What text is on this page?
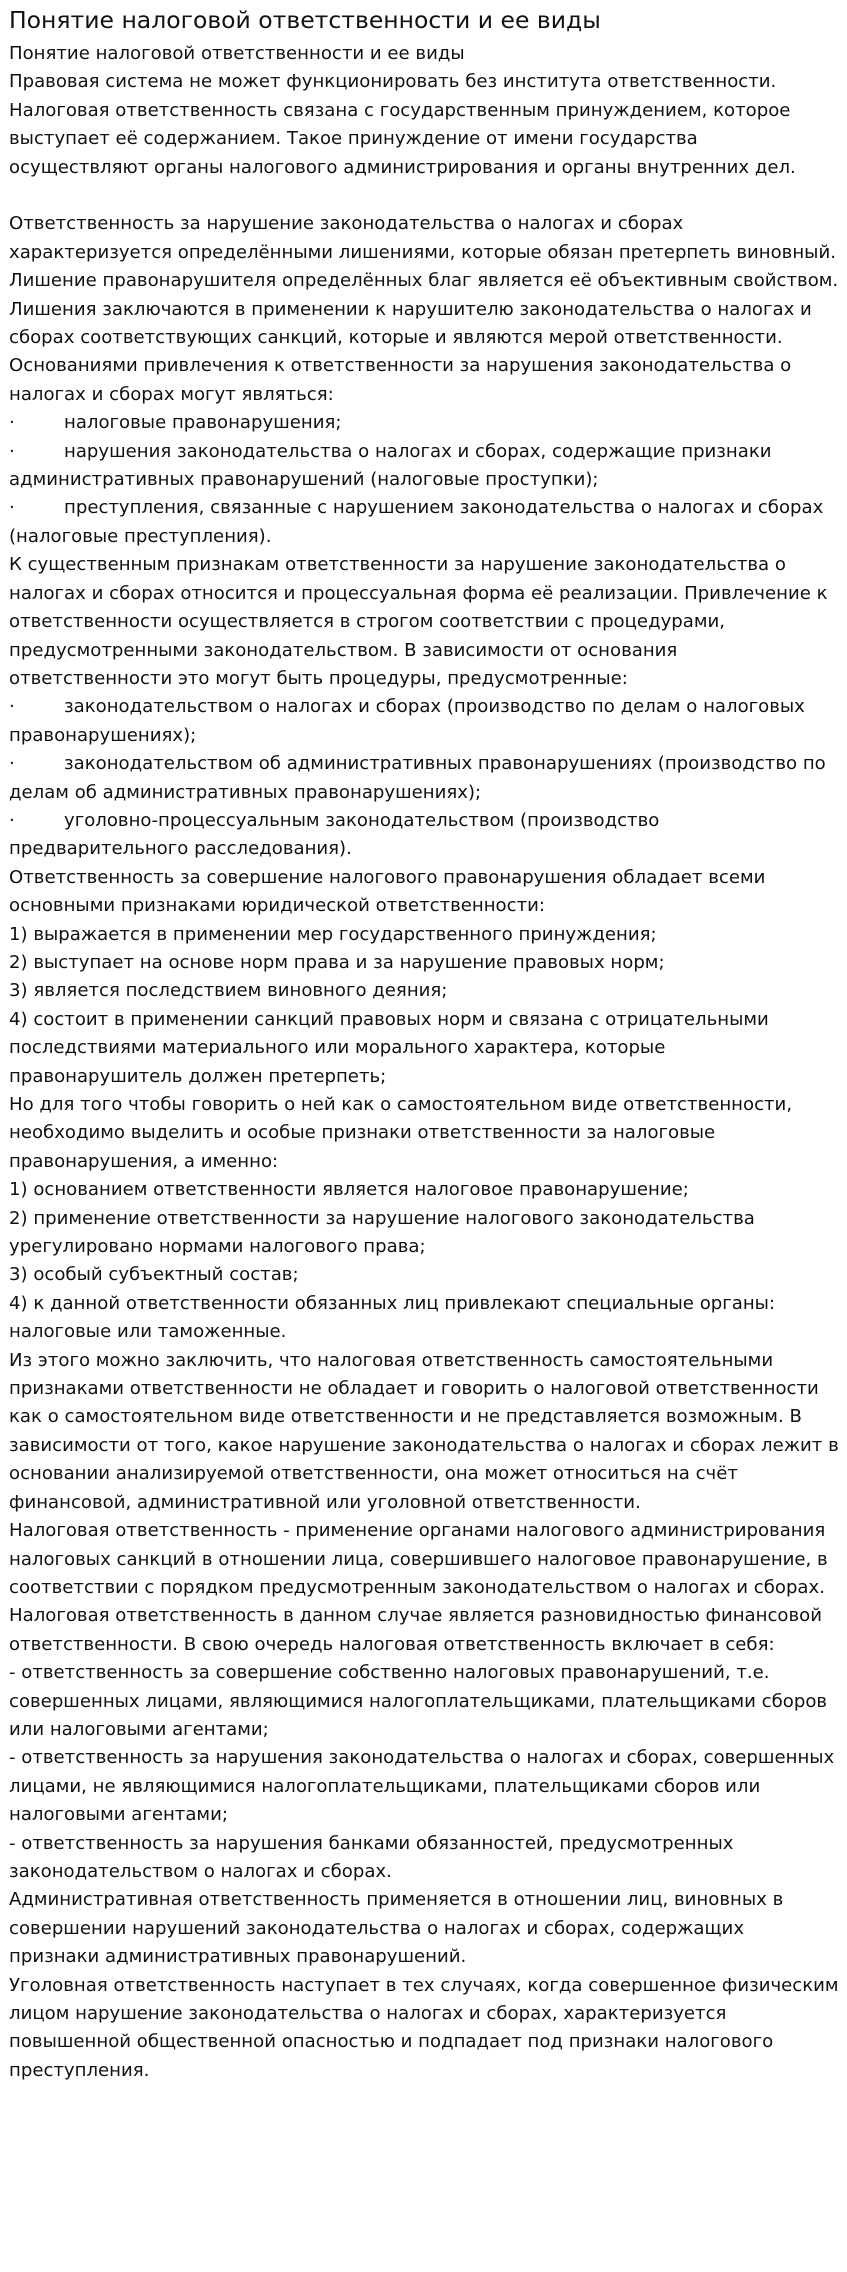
Понятие налоговой ответственности и ее виды

Понятие налоговой ответственности и ее виды

Правовая система не может функционировать без института ответственности. Налоговая ответственность связана с государственным принуждением, которое выступает её содержанием. Такое принуждение от имени государства осуществляют органы налогового администрирования и органы внутренних дел.

Ответственность за нарушение законодательства о налогах и сборах характеризуется определёнными лишениями, которые обязан претерпеть виновный. Лишение правонарушителя определённых благ является её объективным свойством. Лишения заключаются в применении к нарушителю законодательства о налогах и сборах соответствующих санкций, которые и являются мерой ответственности.

Основаниями привлечения к ответственности за нарушения законодательства о налогах и сборах могут являться:

·	налоговые правонарушения;

·	нарушения законодательства о налогах и сборах, содержащие признаки административных правонарушений (налоговые проступки);

·	преступления, связанные с нарушением законодательства о налогах и сборах (налоговые преступления).

К существенным признакам ответственности за нарушение законодательства о налогах и сборах относится и процессуальная форма её реализации. Привлечение к ответственности осуществляется в строгом соответствии с процедурами, предусмотренными законодательством. В зависимости от основания ответственности это могут быть процедуры, предусмотренные:

·	законодательством о налогах и сборах (производство по делам о налоговых правонарушениях);

·	законодательством об административных правонарушениях (производство по делам об административных правонарушениях);

·	уголовно-процессуальным законодательством (производство предварительного расследования).

Ответственность за совершение налогового правонарушения обладает всеми основными признаками юридической ответственности:

1) выражается в применении мер государственного принуждения;

2) выступает на основе норм права и за нарушение правовых норм;

3) является последствием виновного деяния;

4) состоит в применении санкций правовых норм и связана с отрицательными последствиями материального или морального характера, которые правонарушитель должен претерпеть;

Но для того чтобы говорить о ней как о самостоятельном виде ответственности, необходимо выделить и особые признаки ответственности за налоговые правонарушения, а именно:

1) основанием ответственности является налоговое правонарушение;

2) применение ответственности за нарушение налогового законодательства урегулировано нормами налогового права;

3) особый субъектный состав;

4) к данной ответственности обязанных лиц привлекают специальные органы: налоговые или таможенные.

Из этого можно заключить, что налоговая ответственность самостоятельными признаками ответственности не обладает и говорить о налоговой ответственности как о самостоятельном виде ответственности и не представляется возможным. В зависимости от того, какое нарушение законодательства о налогах и сборах лежит в основании анализируемой ответственности, она может относиться на счёт финансовой, административной или уголовной ответственности.

Налоговая ответственность - применение органами налогового администрирования налоговых санкций в отношении лица, совершившего налоговое правонарушение, в соответствии с порядком предусмотренным законодательством о налогах и сборах. Налоговая ответственность в данном случае является разновидностью финансовой ответственности. В свою очередь налоговая ответственность включает в себя:

- ответственность за совершение собственно налоговых правонарушений, т.е. совершенных лицами, являющимися налогоплательщиками, плательщиками сборов или налоговыми агентами;

- ответственность за нарушения законодательства о налогах и сборах, совершенных лицами, не являющимися налогоплательщиками, плательщиками сборов или налоговыми агентами;

- ответственность за нарушения банками обязанностей, предусмотренных законодательством о налогах и сборах.

Административная ответственность применяется в отношении лиц, виновных в совершении нарушений законодательства о налогах и сборах, содержащих признаки административных правонарушений.

Уголовная ответственность наступает в тех случаях, когда совершенное физическим лицом нарушение законодательства о налогах и сборах, характеризуется повышенной общественной опасностью и подпадает под признаки налогового преступления.
